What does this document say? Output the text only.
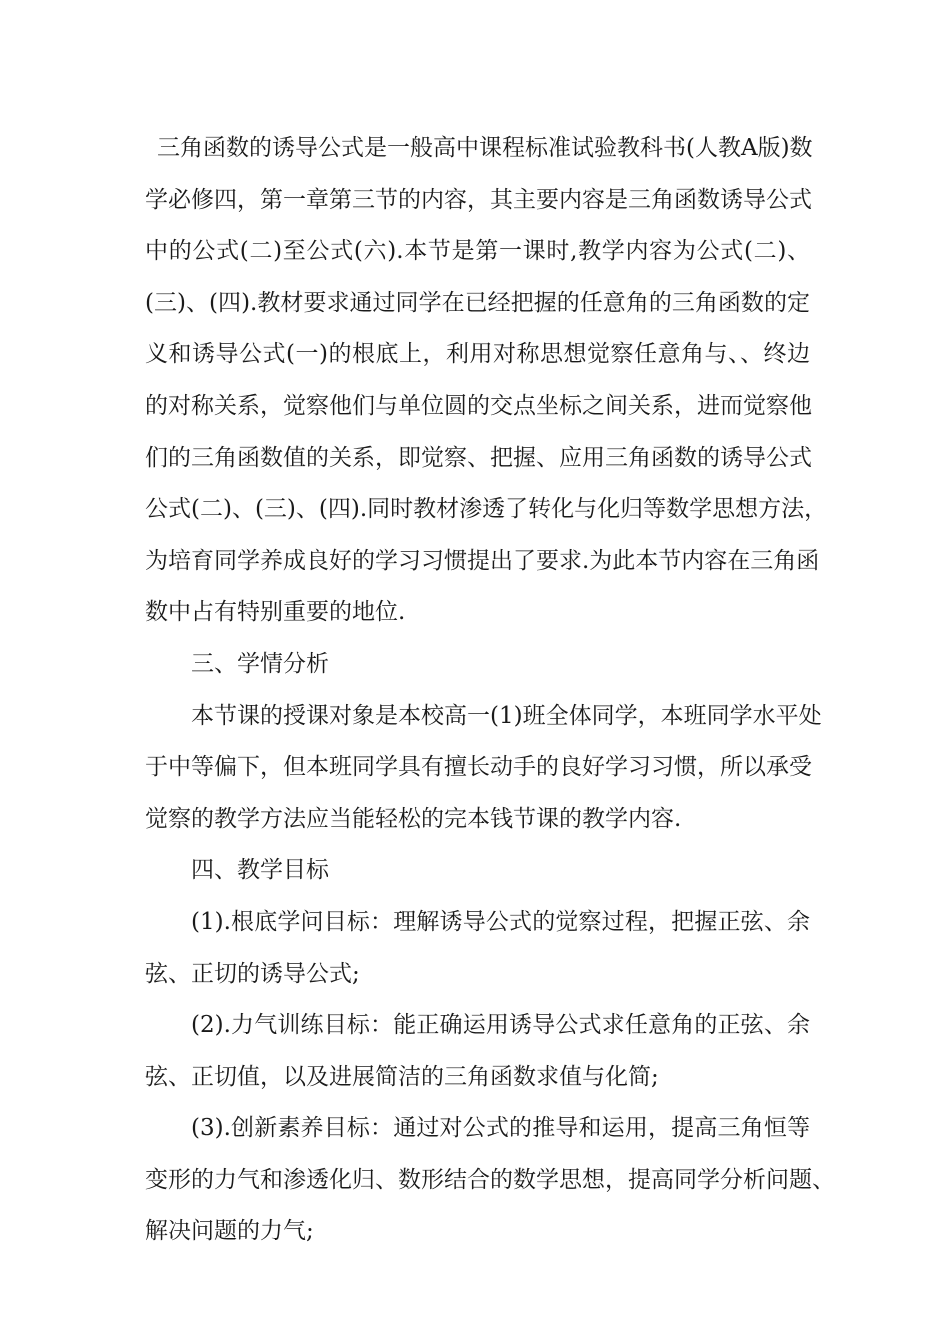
三角函数的诱导公式是一般高中课程标准试验教科书(人教A版)数
学必修四，第一章第三节的内容，其主要内容是三角函数诱导公式
中的公式(二)至公式(六).本节是第一课时,教学内容为公式(二)、
(三)、(四).教材要求通过同学在已经把握的任意角的三角函数的定
义和诱导公式(一)的根底上，利用对称思想觉察任意角与、、终边
的对称关系，觉察他们与单位圆的交点坐标之间关系，进而觉察他
们的三角函数值的关系，即觉察、把握、应用三角函数的诱导公式
公式(二)、(三)、(四).同时教材渗透了转化与化归等数学思想方法，
为培育同学养成良好的学习习惯提出了要求.为此本节内容在三角函
数中占有特别重要的地位.
三、学情分析
本节课的授课对象是本校高一(1)班全体同学，本班同学水平处
于中等偏下，但本班同学具有擅长动手的良好学习习惯，所以承受
觉察的教学方法应当能轻松的完本钱节课的教学内容.
四、教学目标
(1).根底学问目标：理解诱导公式的觉察过程，把握正弦、余
弦、正切的诱导公式;
(2).力气训练目标：能正确运用诱导公式求任意角的正弦、余
弦、正切值，以及进展简洁的三角函数求值与化简;
(3).创新素养目标：通过对公式的推导和运用，提高三角恒等
变形的力气和渗透化归、数形结合的数学思想，提高同学分析问题、
解决问题的力气;
